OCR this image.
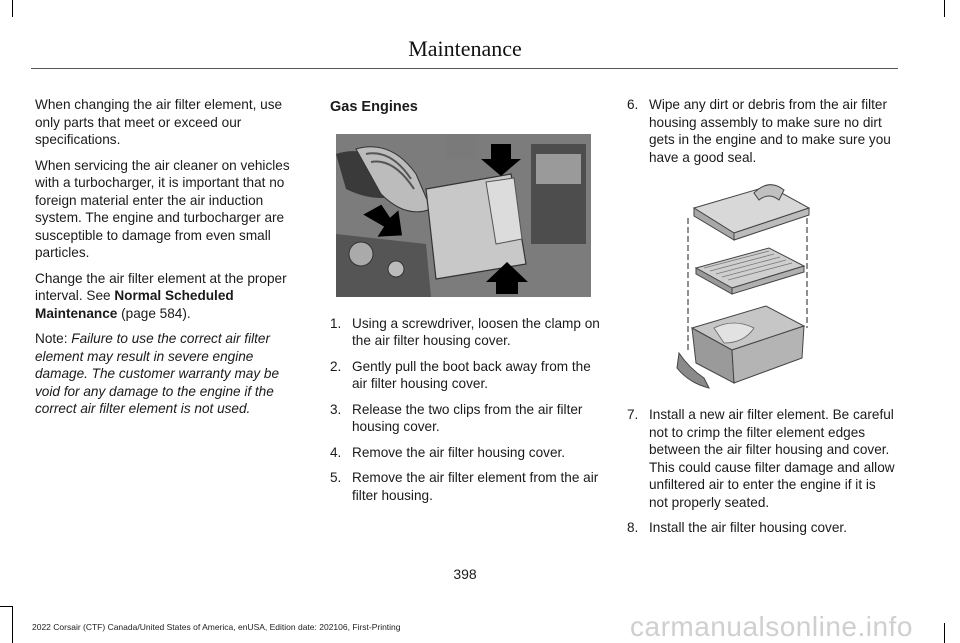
Maintenance

When changing the air filter element, use only parts that meet or exceed our specifications.

When servicing the air cleaner on vehicles with a turbocharger, it is important that no foreign material enter the air induction system. The engine and turbocharger are susceptible to damage from even small particles.

Change the air filter element at the proper interval. See Normal Scheduled Maintenance (page 584).

Note: Failure to use the correct air filter element may result in severe engine damage. The customer warranty may be void for any damage to the engine if the correct air filter element is not used.

Gas Engines
1. Using a screwdriver, loosen the clamp on the air filter housing cover.
2. Gently pull the boot back away from the air filter housing cover.
3. Release the two clips from the air filter housing cover.
4. Remove the air filter housing cover.
5. Remove the air filter element from the air filter housing.
6. Wipe any dirt or debris from the air filter housing assembly to make sure no dirt gets in the engine and to make sure you have a good seal.
7. Install a new air filter element. Be careful not to crimp the filter element edges between the air filter housing and cover. This could cause filter damage and allow unfiltered air to enter the engine if it is not properly seated.
8. Install the air filter housing cover.
398
2022 Corsair (CTF) Canada/United States of America, enUSA, Edition date: 202106, First-Printing	carmanualsonline.info
